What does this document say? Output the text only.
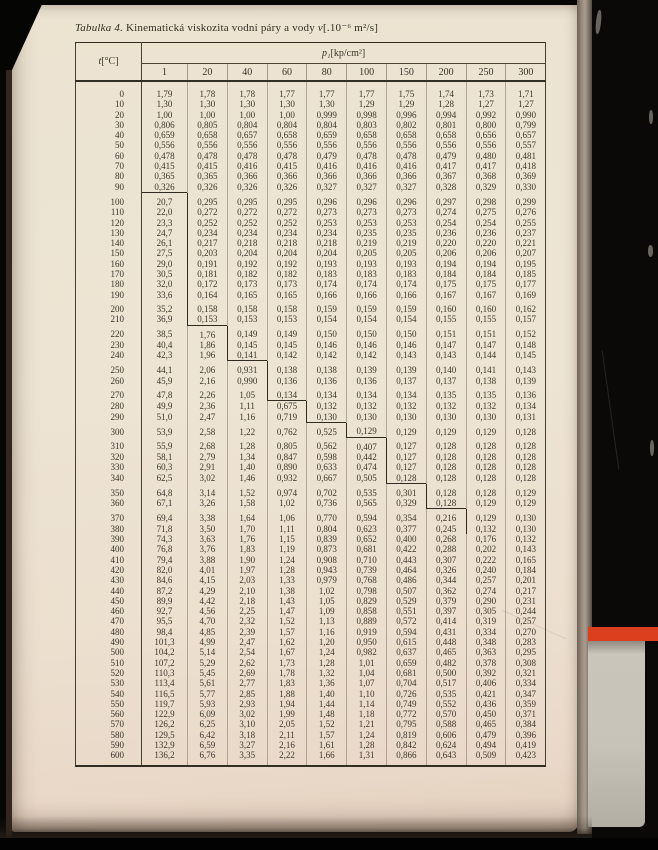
Tabulka 4. Kinematická viskozita vodní páry a vody ν[.10⁻⁶ m²/s]
t[°C]	p₁[kp/cm²]									
	1	20	40	60	80	100	150	200	250	300
0	1,79	1,78	1,78	1,77	1,77	1,77	1,75	1,74	1,73	1,71
10	1,30	1,30	1,30	1,30	1,30	1,29	1,29	1,28	1,27	1,27
20	1,00	1,00	1,00	1,00	0,999	0,998	0,996	0,994	0,992	0,990
30	0,806	0,805	0,804	0,804	0,804	0,803	0,802	0,801	0,800	0,799
40	0,659	0,658	0,657	0,658	0,659	0,658	0,658	0,658	0,656	0,657
50	0,556	0,556	0,556	0,556	0,556	0,556	0,556	0,556	0,556	0,557
60	0,478	0,478	0,478	0,478	0,479	0,478	0,478	0,479	0,480	0,481
70	0,415	0,415	0,416	0,415	0,416	0,416	0,416	0,417	0,417	0,418
80	0,365	0,365	0,366	0,366	0,366	0,366	0,366	0,367	0,368	0,369
90	0,326	0,326	0,326	0,326	0,327	0,327	0,327	0,328	0,329	0,330
100	20,7	0,295	0,295	0,295	0,296	0,296	0,296	0,297	0,298	0,299
110	22,0	0,272	0,272	0,272	0,273	0,273	0,273	0,274	0,275	0,276
120	23,3	0,252	0,252	0,252	0,253	0,253	0,253	0,254	0,254	0,255
130	24,7	0,234	0,234	0,234	0,234	0,235	0,235	0,236	0,236	0,237
140	26,1	0,217	0,218	0,218	0,218	0,219	0,219	0,220	0,220	0,221
150	27,5	0,203	0,204	0,204	0,204	0,205	0,205	0,206	0,206	0,207
160	29,0	0,191	0,192	0,192	0,193	0,193	0,193	0,194	0,194	0,195
170	30,5	0,181	0,182	0,182	0,183	0,183	0,183	0,184	0,184	0,185
180	32,0	0,172	0,173	0,173	0,174	0,174	0,174	0,175	0,175	0,177
190	33,6	0,164	0,165	0,165	0,166	0,166	0,166	0,167	0,167	0,169
200	35,2	0,158	0,158	0,158	0,159	0,159	0,159	0,160	0,160	0,162
210	36,9	0,153	0,153	0,153	0,154	0,154	0,154	0,155	0,155	0,157
220	38,5	1,76	0,149	0,149	0,150	0,150	0,150	0,151	0,151	0,152
230	40,4	1,86	0,145	0,145	0,146	0,146	0,146	0,147	0,147	0,148
240	42,3	1,96	0,141	0,142	0,142	0,142	0,143	0,143	0,144	0,145
250	44,1	2,06	0,931	0,138	0,138	0,139	0,139	0,140	0,141	0,143
260	45,9	2,16	0,990	0,136	0,136	0,136	0,137	0,137	0,138	0,139
270	47,8	2,26	1,05	0,134	0,134	0,134	0,134	0,135	0,135	0,136
280	49,9	2,36	1,11	0,675	0,132	0,132	0,132	0,132	0,132	0,134
290	51,0	2,47	1,16	0,719	0,130	0,130	0,130	0,130	0,130	0,131
300	53,9	2,58	1,22	0,762	0,525	0,129	0,129	0,129	0,129	0,128
310	55,9	2,68	1,28	0,805	0,562	0,407	0,127	0,128	0,128	0,128
320	58,1	2,79	1,34	0,847	0,598	0,442	0,127	0,128	0,128	0,128
330	60,3	2,91	1,40	0,890	0,633	0,474	0,127	0,128	0,128	0,128
340	62,5	3,02	1,46	0,932	0,667	0,505	0,128	0,128	0,128	0,128
350	64,8	3,14	1,52	0,974	0,702	0,535	0,301	0,128	0,128	0,129
360	67,1	3,26	1,58	1,02	0,736	0,565	0,329	0,128	0,129	0,129
370	69,4	3,38	1,64	1,06	0,770	0,594	0,354	0,216	0,129	0,130
380	71,8	3,50	1,70	1,11	0,804	0,623	0,377	0,245	0,132	0,130
390	74,3	3,63	1,76	1,15	0,839	0,652	0,400	0,268	0,176	0,132
400	76,8	3,76	1,83	1,19	0,873	0,681	0,422	0,288	0,202	0,143
410	79,4	3,88	1,90	1,24	0,908	0,710	0,443	0,307	0,222	0,165
420	82,0	4,01	1,97	1,28	0,943	0,739	0,464	0,326	0,240	0,184
430	84,6	4,15	2,03	1,33	0,979	0,768	0,486	0,344	0,257	0,201
440	87,2	4,29	2,10	1,38	1,02	0,798	0,507	0,362	0,274	0,217
450	89,9	4,42	2,18	1,43	1,05	0,829	0,529	0,379	0,290	0,231
460	92,7	4,56	2,25	1,47	1,09	0,858	0,551	0,397	0,305	0,244
470	95,5	4,70	2,32	1,52	1,13	0,889	0,572	0,414	0,319	0,257
480	98,4	4,85	2,39	1,57	1,16	0,919	0,594	0,431	0,334	0,270
490	101,3	4,99	2,47	1,62	1,20	0,950	0,615	0,448	0,348	0,283
500	104,2	5,14	2,54	1,67	1,24	0,982	0,637	0,465	0,363	0,295
510	107,2	5,29	2,62	1,73	1,28	1,01	0,659	0,482	0,378	0,308
520	110,3	5,45	2,69	1,78	1,32	1,04	0,681	0,500	0,392	0,321
530	113,4	5,61	2,77	1,83	1,36	1,07	0,704	0,517	0,406	0,334
540	116,5	5,77	2,85	1,88	1,40	1,10	0,726	0,535	0,421	0,347
550	119,7	5,93	2,93	1,94	1,44	1,14	0,749	0,552	0,436	0,359
560	122,9	6,09	3,02	1,99	1,48	1,18	0,772	0,570	0,450	0,371
570	126,2	6,25	3,10	2,05	1,52	1,21	0,795	0,588	0,465	0,384
580	129,5	6,42	3,18	2,11	1,57	1,24	0,819	0,606	0,479	0,396
590	132,9	6,59	3,27	2,16	1,61	1,28	0,842	0,624	0,494	0,419
600	136,2	6,76	3,35	2,22	1,66	1,31	0,866	0,643	0,509	0,423
